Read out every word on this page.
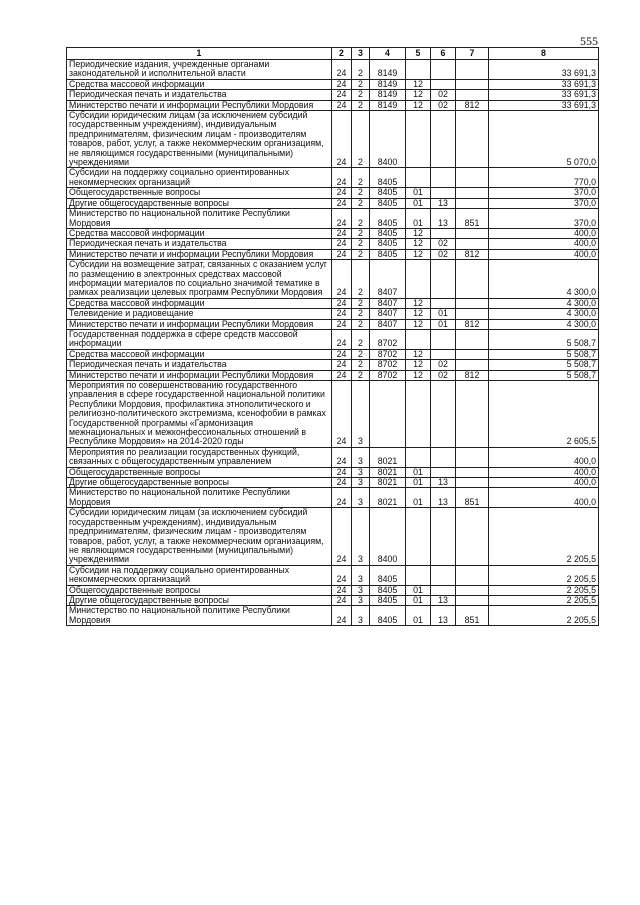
555
1	2	3	4	5	6	7	8
Периодические издания, учрежденные органами законодательной и исполнительной власти	24	2	8149				33 691,3
Средства массовой информации	24	2	8149	12			33 691,3
Периодическая печать и издательства	24	2	8149	12	02		33 691,3
Министерство печати и информации Республики Мордовия	24	2	8149	12	02	812	33 691,3
Субсидии юридическим лицам (за исключением субсидий государственным учреждениям), индивидуальным предпринимателям, физическим лицам - производителям товаров, работ, услуг, а также некоммерческим организациям, не являющимся государственными (муниципальными) учреждениями	24	2	8400				5 070,0
Субсидии на поддержку социально ориентированных некоммерческих организаций	24	2	8405				770,0
Общегосударственные вопросы	24	2	8405	01			370,0
Другие общегосударственные вопросы	24	2	8405	01	13		370,0
Министерство по национальной политике Республики Мордовия	24	2	8405	01	13	851	370,0
Средства массовой информации	24	2	8405	12			400,0
Периодическая печать и издательства	24	2	8405	12	02		400,0
Министерство печати и информации Республики Мордовия	24	2	8405	12	02	812	400,0
Субсидии на возмещение затрат, связанных с оказанием услуг по размещению в электронных средствах массовой информации материалов по социально значимой тематике в рамках реализации целевых программ Республики Мордовия	24	2	8407				4 300,0
Средства массовой информации	24	2	8407	12			4 300,0
Телевидение и радиовещание	24	2	8407	12	01		4 300,0
Министерство печати и информации Республики Мордовия	24	2	8407	12	01	812	4 300,0
Государственная поддержка в сфере средств массовой информации	24	2	8702				5 508,7
Средства массовой информации	24	2	8702	12			5 508,7
Периодическая печать и издательства	24	2	8702	12	02		5 508,7
Министерство печати и информации Республики Мордовия	24	2	8702	12	02	812	5 508,7
Мероприятия по совершенствованию государственного управления в сфере государственной национальной политики Республики Мордовия, профилактика этнополитического и религиозно-политического экстремизма, ксенофобии в рамках Государственной программы «Гармонизация межнациональных и межконфессиональных отношений в Республике Мордовия» на 2014-2020 годы	24	3					2 605,5
Мероприятия по реализации государственных функций, связанных с общегосударственным управлением	24	3	8021				400,0
Общегосударственные вопросы	24	3	8021	01			400,0
Другие общегосударственные вопросы	24	3	8021	01	13		400,0
Министерство по национальной политике Республики Мордовия	24	3	8021	01	13	851	400,0
Субсидии юридическим лицам (за исключением субсидий государственным учреждениям), индивидуальным предпринимателям, физическим лицам - производителям товаров, работ, услуг, а также некоммерческим организациям, не являющимся государственными (муниципальными) учреждениями	24	3	8400				2 205,5
Субсидии на поддержку социально ориентированных некоммерческих организаций	24	3	8405				2 205,5
Общегосударственные вопросы	24	3	8405	01			2 205,5
Другие общегосударственные вопросы	24	3	8405	01	13		2 205,5
Министерство по национальной политике Республики Мордовия	24	3	8405	01	13	851	2 205,5
